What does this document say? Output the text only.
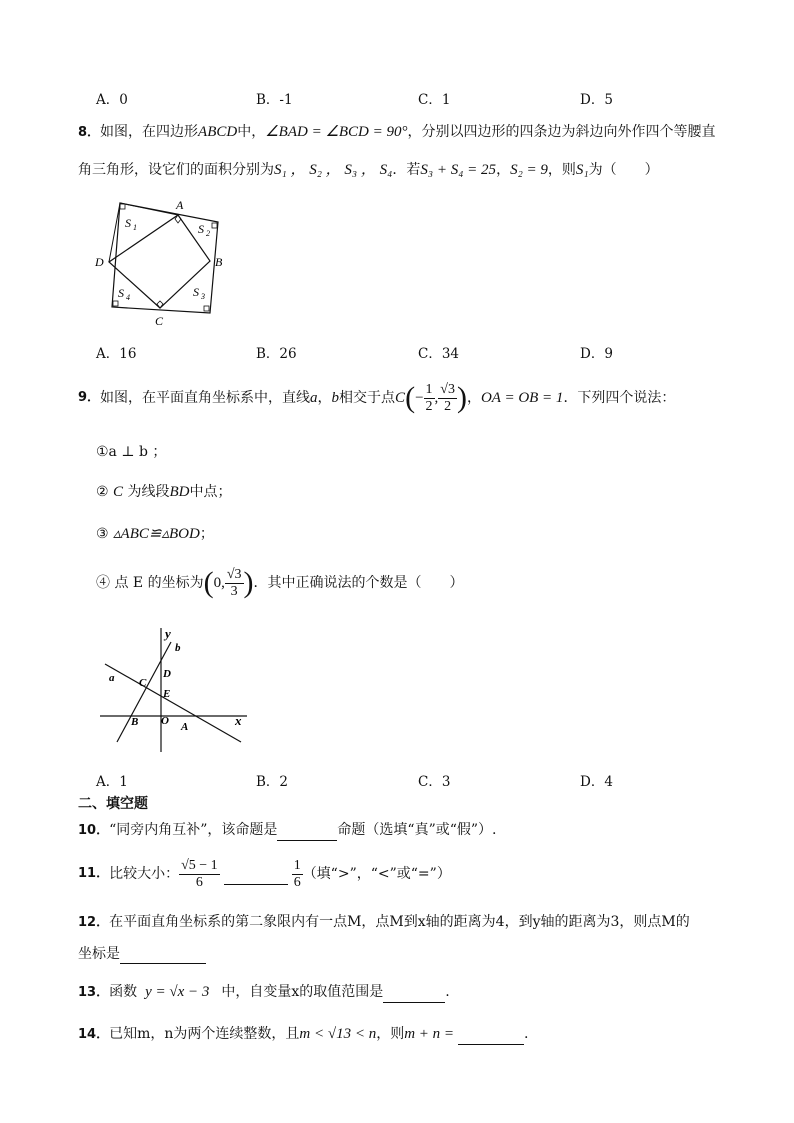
A．0	B．-1	C．1	D．5
8．如图，在四边形ABCD中，∠BAD = ∠BCD = 90°，分别以四边形的四条边为斜边向外作四个等腰直
角三角形，设它们的面积分别为S₁ ， S₂ ， S₃ ， S₄．若S₃ + S₄ = 25，S₂ = 9，则S₁为（　　）
A
B
C
D
S 1	S 2
S 3
S 4
A．16	B．26	C．34	D．9
9． 如图，在平面直角坐标系中，直线 a ， b 相交于点 C ( − $\frac{1}{2}$ , $\frac{√3}{2}$ ) ， OA = OB = 1 ．下列四个说法：
①a ⊥ b ；
② C 为线段BD中点；
③ ▵ABC≌▵BOD；
④ 点 E 的坐标为 ( 0, $\frac{√3}{3}$ ) ．其中正确说法的个数是（　　）
y
x
a
b
C
D
E
O
B	A
A．1	B．2	C．3	D．4
二、填空题
10．“同旁内角互补”，该命题是	命题（选填“真”或“假”）.
11． 比较大小： $\frac{√5 - 1}{6}$	$\frac{1}{6}$ （填“>”，“<”或“=”）
12．在平面直角坐标系的第二象限内有一点M，点M到x轴的距离为4，到y轴的距离为3，则点M的
坐标是
13．函数 y = √x − 3 中，自变量x的取值范围是	.
14．已知m，n为两个连续整数，且m < √13 < n，则m + n =	.
